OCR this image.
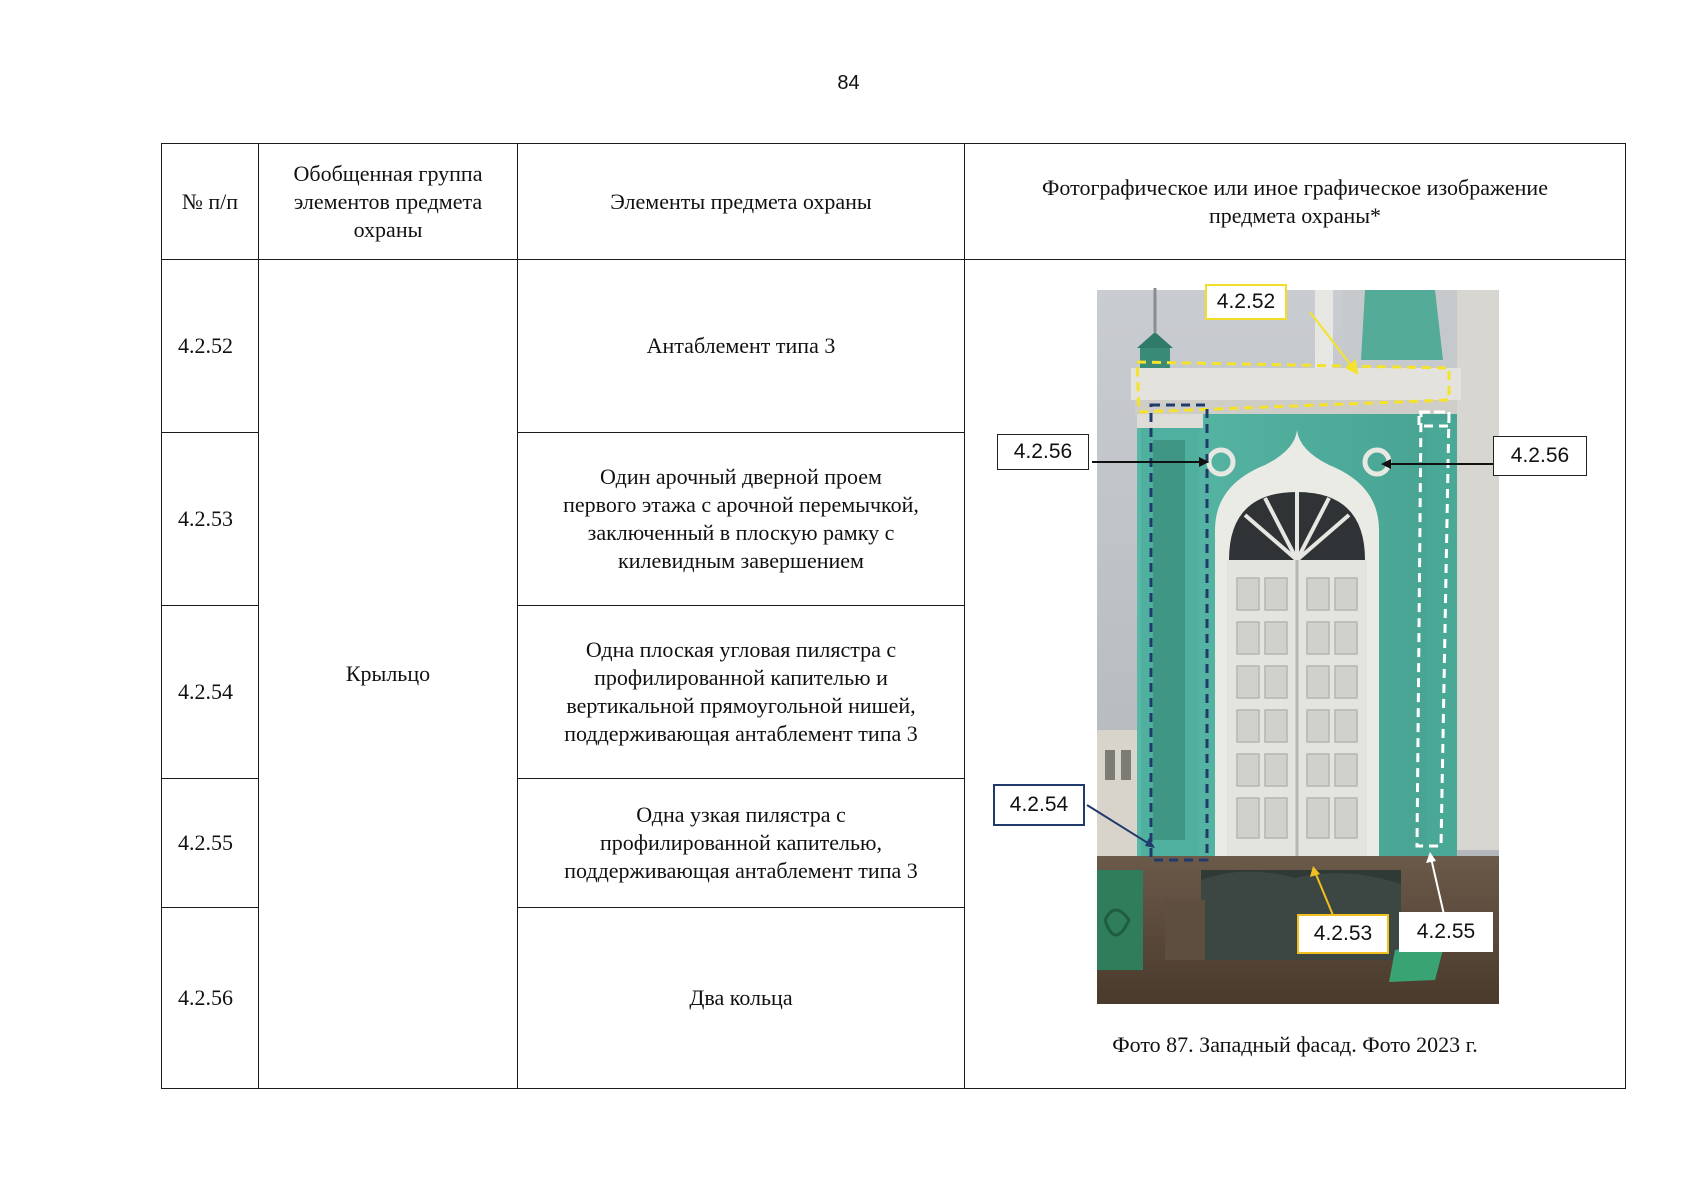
84
№ п/п
Обобщенная группа элементов предмета охраны
Элементы предмета охраны
Фотографическое или иное графическое изображение предмета охраны*
4.2.52
4.2.53
4.2.54
4.2.55
4.2.56
Крыльцо
Антаблемент типа 3
Один арочный дверной проем первого этажа с арочной перемычкой, заключенный в плоскую рамку с килевидным завершением
Одна плоская угловая пилястра с профилированной капителью и вертикальной прямоугольной нишей, поддерживающая антаблемент типа 3
Одна узкая пилястра с профилированной капителью, поддерживающая антаблемент типа 3
Два кольца
4.2.52
4.2.56	4.2.56
4.2.54
4.2.53	4.2.55
Фото 87. Западный фасад. Фото 2023 г.
